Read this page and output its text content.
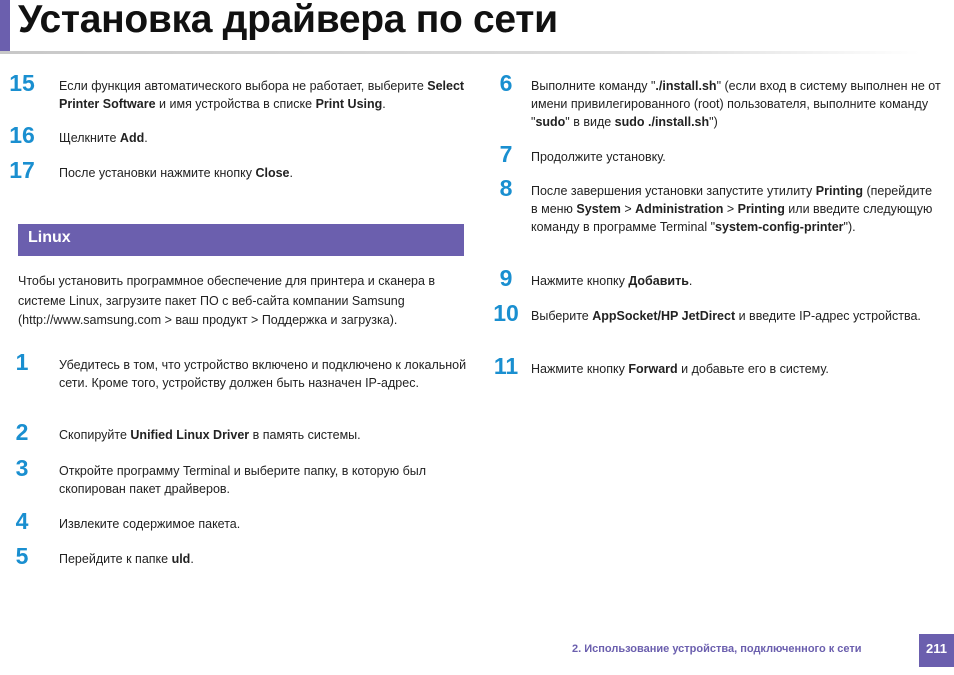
Установка драйвера по сети
15	Если функция автоматического выбора не работает, выберите Select Printer Software и имя устройства в списке Print Using.
16	Щелкните Add.
17	После установки нажмите кнопку Close.
Linux
Чтобы установить программное обеспечение для принтера и сканера в системе Linux, загрузите пакет ПО с веб-сайта компании Samsung (http://www.samsung.com > ваш продукт > Поддержка и загрузка).
1	Убедитесь в том, что устройство включено и подключено к локальной сети. Кроме того, устройству должен быть назначен IP-адрес.
2	Скопируйте Unified Linux Driver в память системы.
3	Откройте программу Terminal и выберите папку, в которую был скопирован пакет драйверов.
4	Извлеките содержимое пакета.
5	Перейдите к папке uld.
6	Выполните команду "./install.sh" (если вход в систему выполнен не от имени привилегированного (root) пользователя, выполните команду "sudo" в виде sudo ./install.sh")
7	Продолжите установку.
8	После завершения установки запустите утилиту Printing (перейдите в меню System > Administration > Printing или введите следующую команду в программе Terminal "system-config-printer").
9	Нажмите кнопку Добавить.
10 Выберите AppSocket/HP JetDirect и введите IP-адрес устройства.
11	Нажмите кнопку Forward и добавьте его в систему.
2. Использование устройства, подключенного к сети	211
